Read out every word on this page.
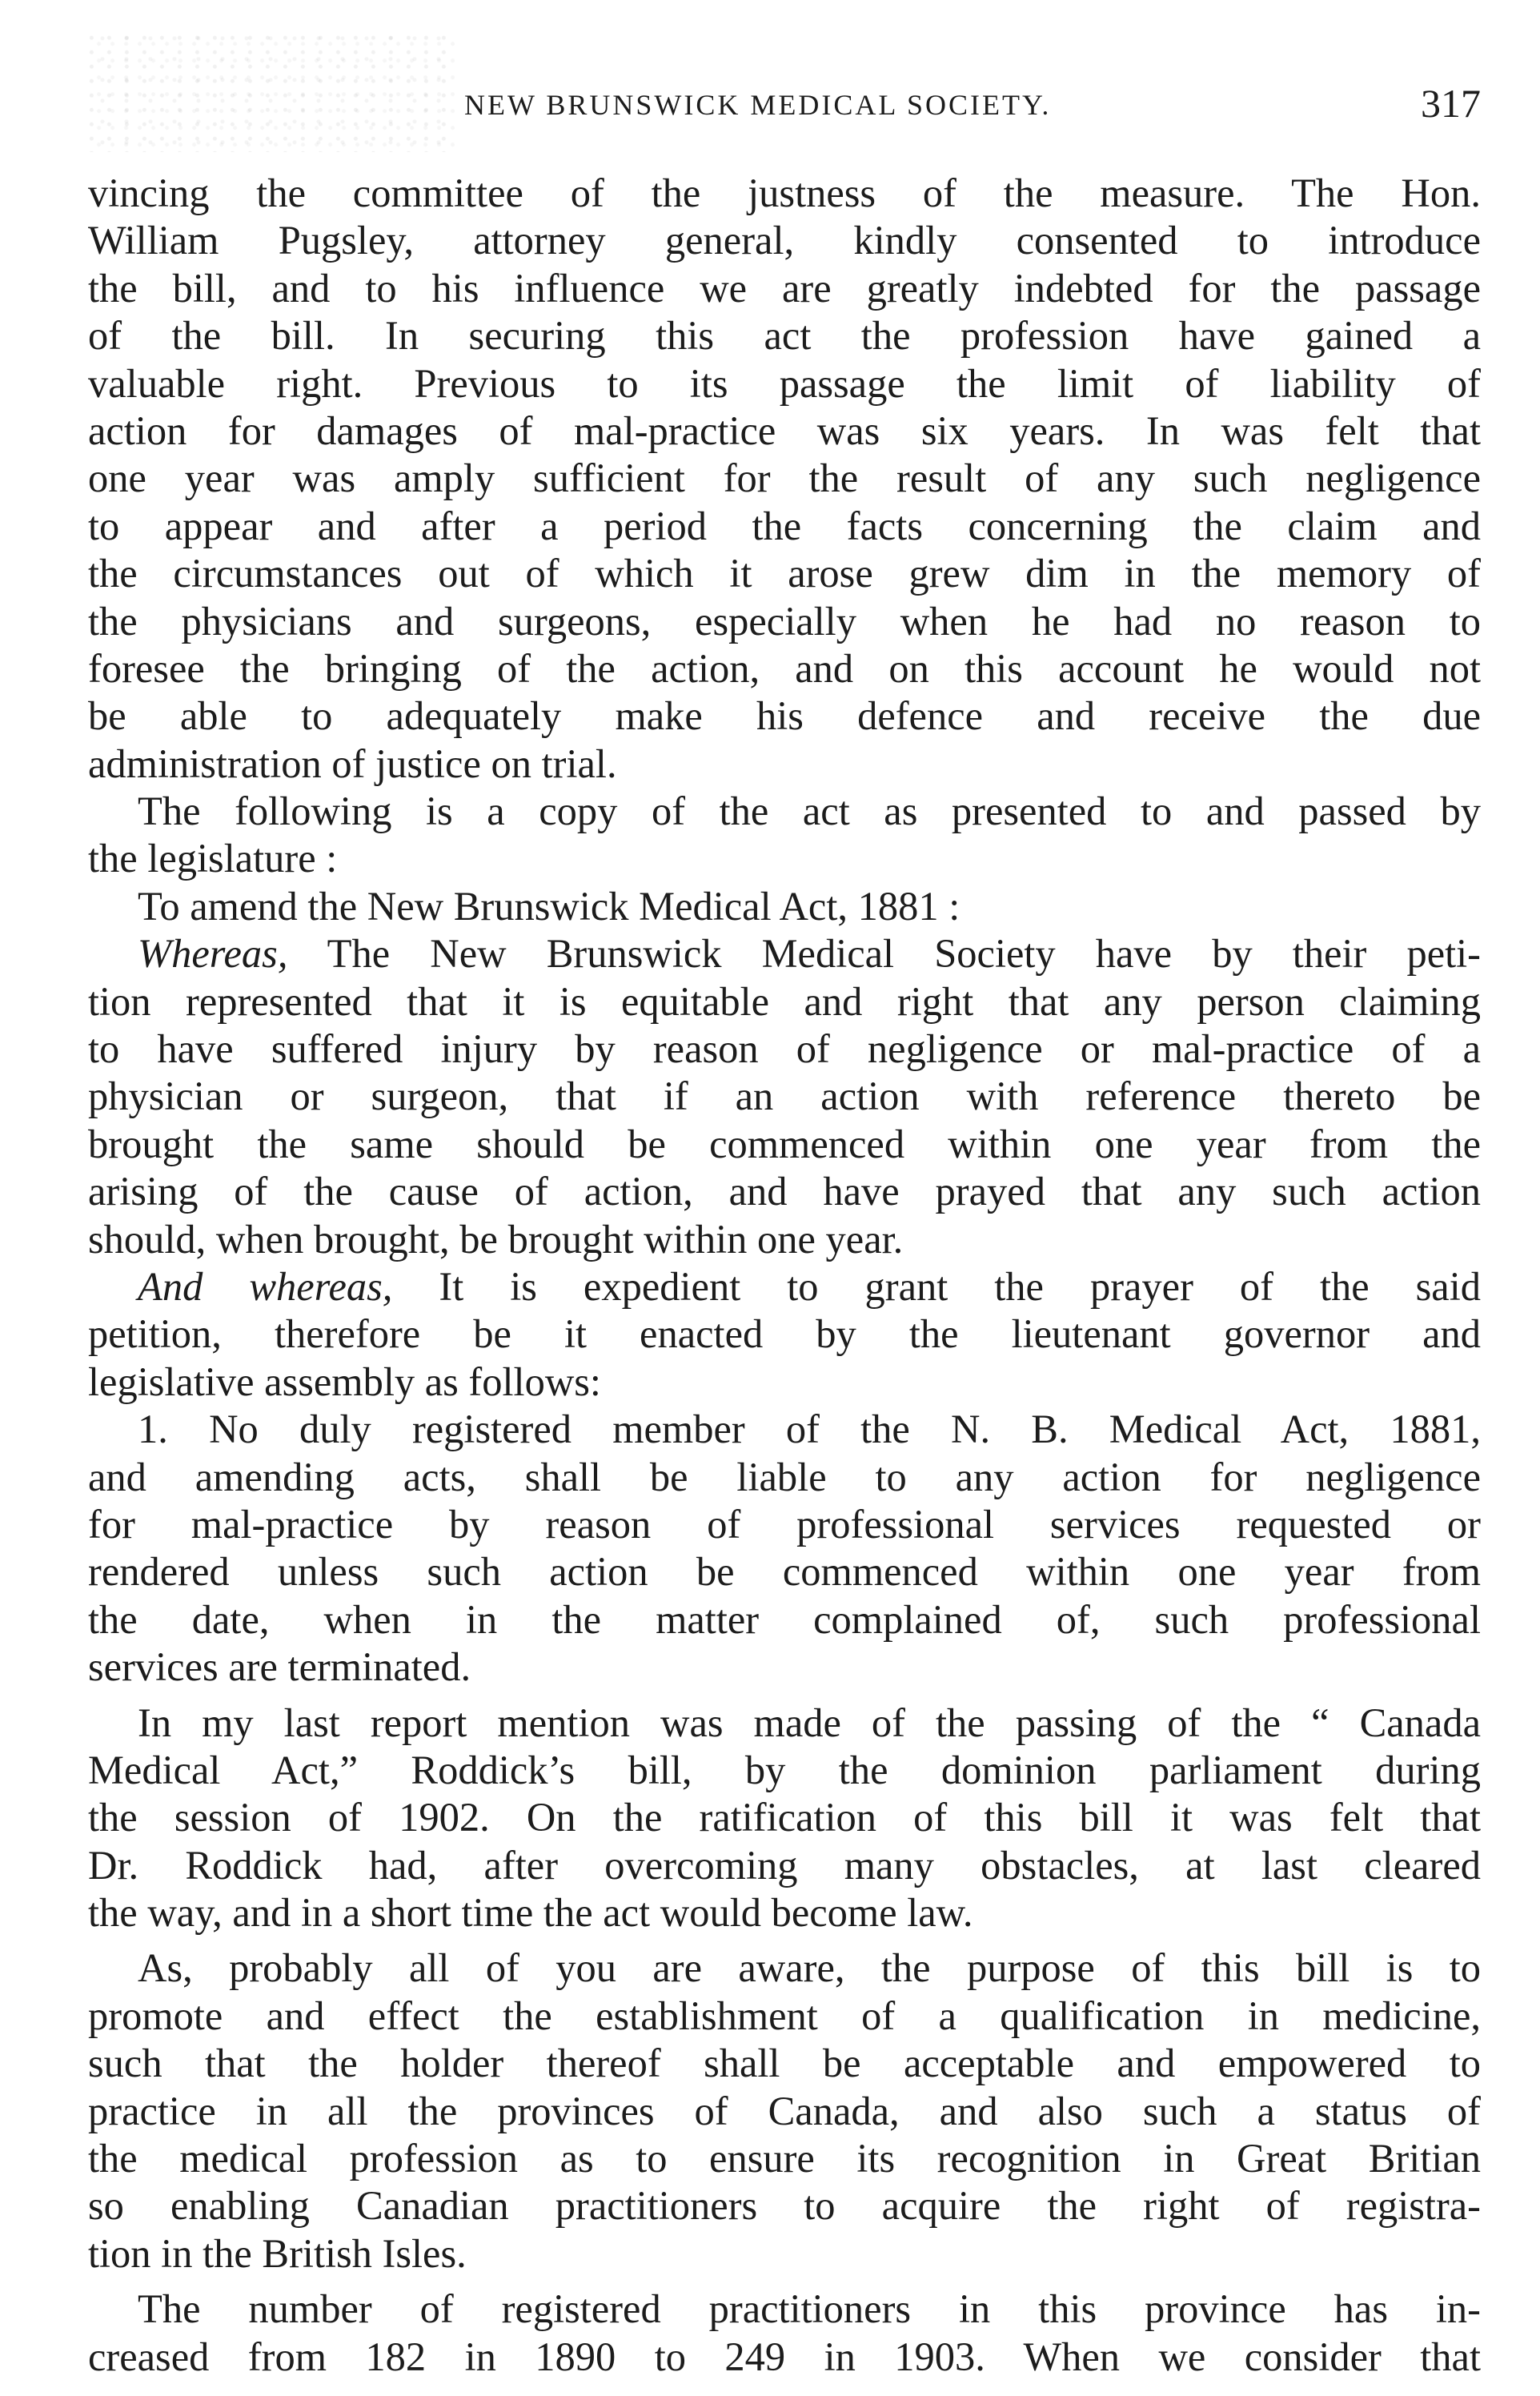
NEW BRUNSWICK MEDICAL SOCIETY.	317
vincing the committee of the justness of the measure. The Hon.
William Pugsley, attorney general, kindly consented to introduce
the bill, and to his influence we are greatly indebted for the passage
of the bill. In securing this act the profession have gained a
valuable right. Previous to its passage the limit of liability of
action for damages of mal-practice was six years. In was felt that
one year was amply sufficient for the result of any such negligence
to appear and after a period the facts concerning the claim and
the circumstances out of which it arose grew dim in the memory of
the physicians and surgeons, especially when he had no reason to
foresee the bringing of the action, and on this account he would not
be able to adequately make his defence and receive the due
administration of justice on trial.
The following is a copy of the act as presented to and passed by
the legislature :
To amend the New Brunswick Medical Act, 1881 :
Whereas, The New Brunswick Medical Society have by their peti-
tion represented that it is equitable and right that any person claiming
to have suffered injury by reason of negligence or mal-practice of a
physician or surgeon, that if an action with reference thereto be
brought the same should be commenced within one year from the
arising of the cause of action, and have prayed that any such action
should, when brought, be brought within one year.
And whereas, It is expedient to grant the prayer of the said
petition, therefore be it enacted by the lieutenant governor and
legislative assembly as follows:
1. No duly registered member of the N. B. Medical Act, 1881,
and amending acts, shall be liable to any action for negligence
for mal-practice by reason of professional services requested or
rendered unless such action be commenced within one year from
the date, when in the matter complained of, such professional
services are terminated.
In my last report mention was made of the passing of the “ Canada
Medical Act,” Roddick’s bill, by the dominion parliament during
the session of 1902. On the ratification of this bill it was felt that
Dr. Roddick had, after overcoming many obstacles, at last cleared
the way, and in a short time the act would become law.
As, probably all of you are aware, the purpose of this bill is to
promote and effect the establishment of a qualification in medicine,
such that the holder thereof shall be acceptable and empowered to
practice in all the provinces of Canada, and also such a status of
the medical profession as to ensure its recognition in Great Britian
so enabling Canadian practitioners to acquire the right of registra-
tion in the British Isles.
The number of registered practitioners in this province has in-
creased from 182 in 1890 to 249 in 1903. When we consider that
